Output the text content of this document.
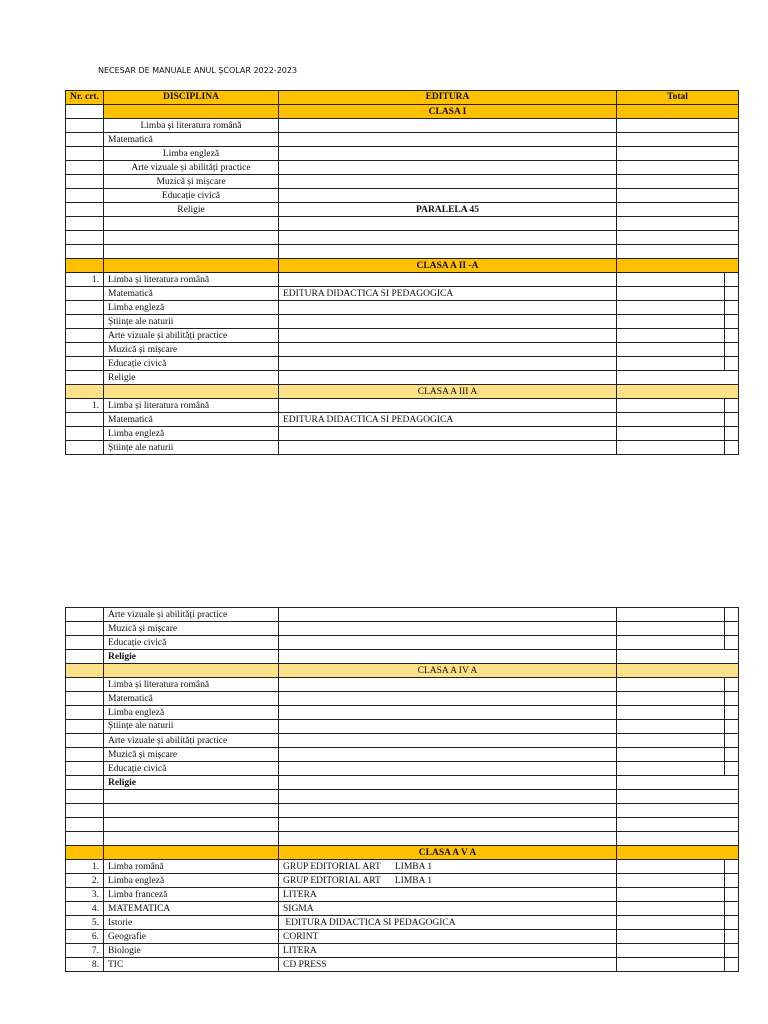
NECESAR DE MANUALE ANUL ȘCOLAR 2022-2023
Nr. crt.	DISCIPLINA	EDITURA	Total	
		CLASA I		
	Limba și literatura română			
	Matematică			
	Limba engleză			
	Arte vizuale și abilități practice			
	Muzică și mișcare			
	Educație civică			
	Religie	PARALELA 45		

		CLASA A II -A		
1.	Limba și literatura română			
	Matematică	EDITURA DIDACTICA SI PEDAGOGICA		
	Limba engleză			
	Științe ale naturii			
	Arte vizuale și abilități practice			
	Muzică și mișcare			
	Educație civică			
	Religie			
		CLASA A III A		
1.	Limba și literatura română			
	Matematică	EDITURA DIDACTICA SI PEDAGOGICA		
	Limba engleză			
	Științe ale naturii			
	Arte vizuale și abilități practice			
	Muzică și mișcare			
	Educație civică			
	Religie			
		CLASA A IV A		
	Limba și literatura română			
	Matematică			
	Limba engleză			
	Științe ale naturii			
	Arte vizuale și abilități practice			
	Muzică și mișcare			
	Educație civică			
	Religie			

		CLASA A V A		
1.	Limba română	GRUP EDITORIAL ART      LIMBA 1		
2.	Limba engleză	GRUP EDITORIAL ART      LIMBA 1		
3.	Limba franceză	LITERA		
4.	MATEMATICA	SIGMA		
5.	Istorie	EDITURA DIDACTICA SI PEDAGOGICA		
6.	Geografie	CORINT		
7.	Biologie	LITERA		
8.	TIC	CD PRESS		
